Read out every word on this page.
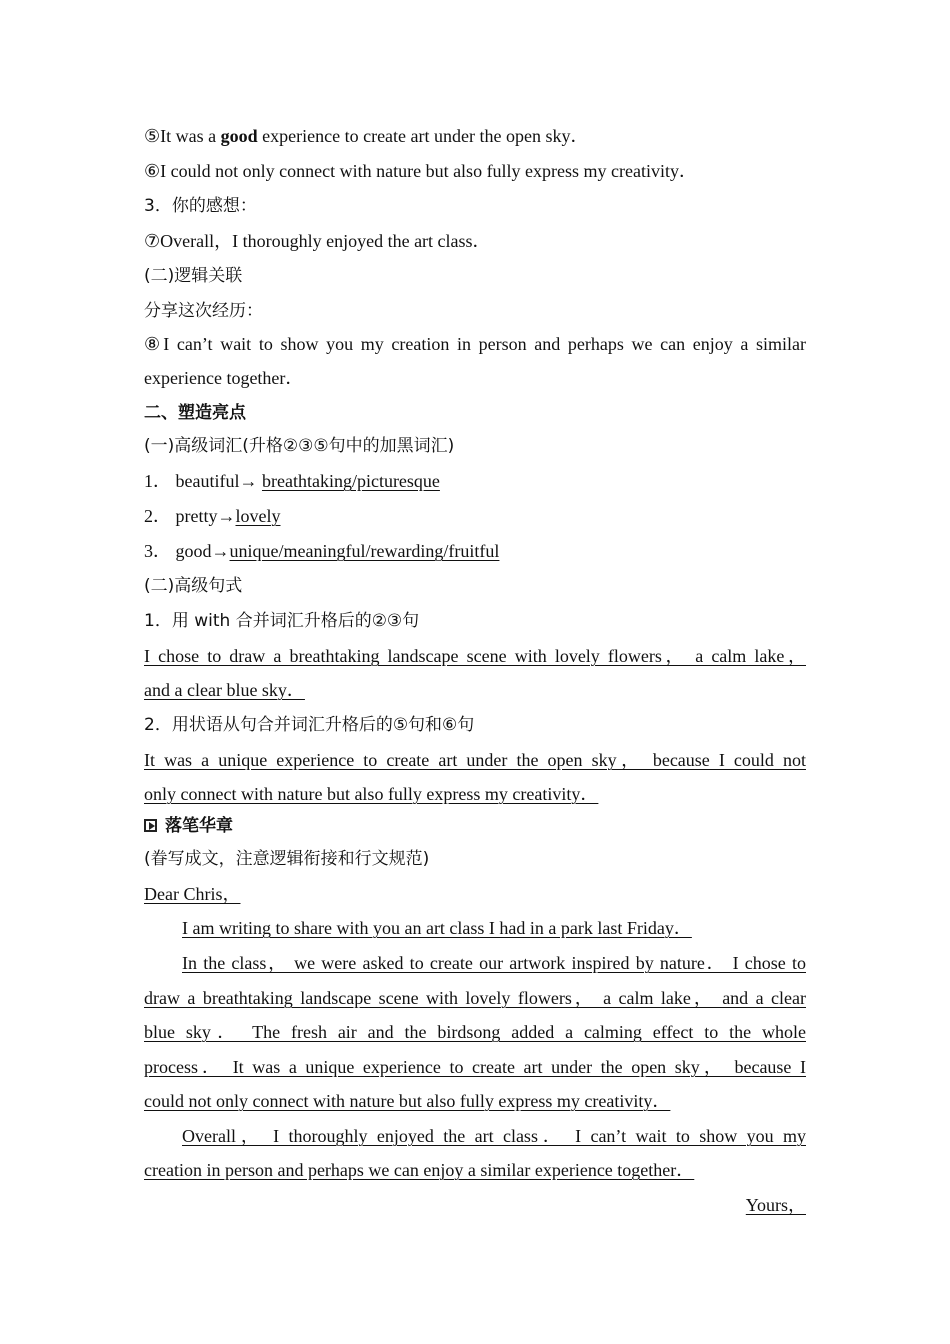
⑤It was a good experience to create art under the open sky．
⑥I could not only connect with nature but also fully express my creativity．
3．你的感想：
⑦Overall，I thoroughly enjoyed the art class．
(二)逻辑关联
分享这次经历：
⑧I can’t wait to show you my creation in person and perhaps we can enjoy a similar
experience together．
二、塑造亮点
(一)高级词汇(升格②③⑤句中的加黑词汇)
1． beautiful→ breathtaking/picturesque
2． pretty→lovely
3． good→unique/meaningful/rewarding/fruitful
(二)高级句式
1．用 with 合并词汇升格后的②③句
I chose to draw a breathtaking landscape scene with lovely flowers， a calm lake，
and a clear blue sky．
2．用状语从句合并词汇升格后的⑤句和⑥句
It was a unique experience to create art under the open sky， because I could not
only connect with nature but also fully express my creativity．
落笔华章
(眷写成文，注意逻辑衔接和行文规范)
Dear Chris，
I am writing to share with you an art class I had in a park last Friday．
In the class， we were asked to create our artwork inspired by nature． I chose to
draw a breathtaking landscape scene with lovely flowers， a calm lake， and a clear
blue sky． The fresh air and the birdsong added a calming effect to the whole
process． It was a unique experience to create art under the open sky， because I
could not only connect with nature but also fully express my creativity．
Overall， I thoroughly enjoyed the art class． I can’t wait to show you my
creation in person and perhaps we can enjoy a similar experience together．
Yours，
